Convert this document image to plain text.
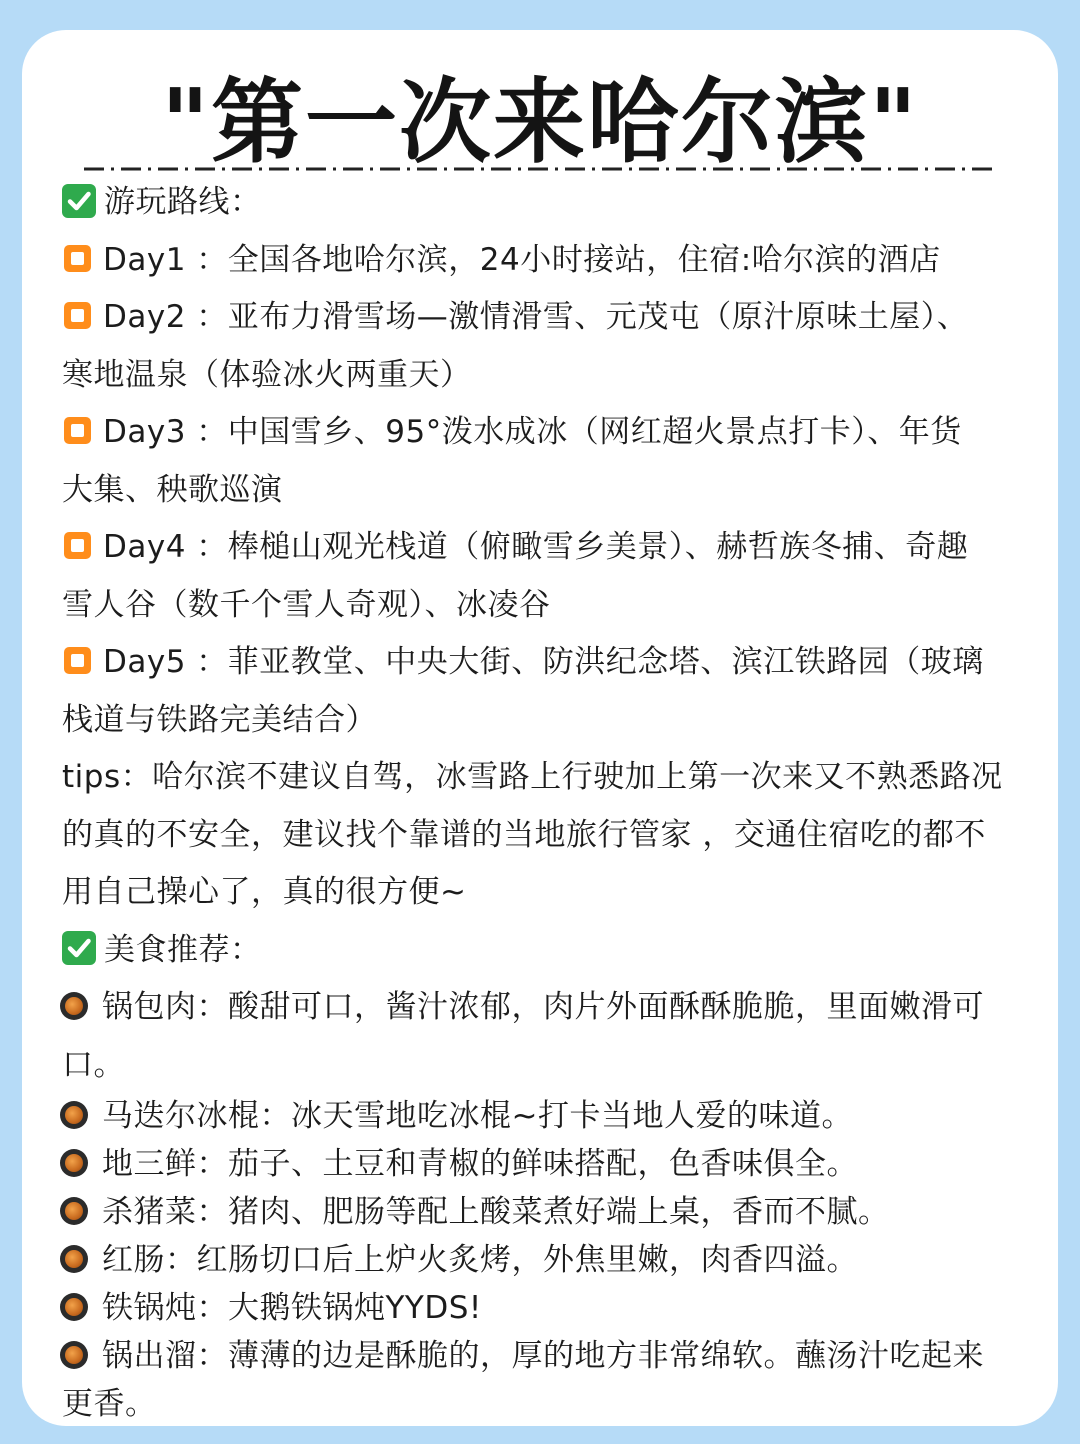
"第一次来哈尔滨"

游玩路线：

Day1 ：全国各地哈尔滨，24小时接站，住宿:哈尔滨的酒店

Day2 ：亚布力滑雪场—激情滑雪、元茂屯（原汁原味土屋）、
寒地温泉（体验冰火两重天）

Day3 ：中国雪乡、95°泼水成冰（网红超火景点打卡）、年货
大集、秧歌巡演

Day4 ：棒槌山观光栈道（俯瞰雪乡美景）、赫哲族冬捕、奇趣
雪人谷（数千个雪人奇观）、冰凌谷

Day5 ：菲亚教堂、中央大街、防洪纪念塔、滨江铁路园（玻璃
栈道与铁路完美结合）

tips：哈尔滨不建议自驾，冰雪路上行驶加上第一次来又不熟悉路况
的真的不安全，建议找个靠谱的当地旅行管家 ，交通住宿吃的都不
用自己操心了，真的很方便~

美食推荐：

锅包肉：酸甜可口，酱汁浓郁，肉片外面酥酥脆脆，里面嫩滑可
口。

马迭尔冰棍：冰天雪地吃冰棍~打卡当地人爱的味道。

地三鲜：茄子、土豆和青椒的鲜味搭配，色香味俱全。

杀猪菜：猪肉、肥肠等配上酸菜煮好端上桌，香而不腻。

红肠：红肠切口后上炉火炙烤，外焦里嫩，肉香四溢。

铁锅炖：大鹅铁锅炖YYDS!

锅出溜：薄薄的边是酥脆的，厚的地方非常绵软。蘸汤汁吃起来
更香。
